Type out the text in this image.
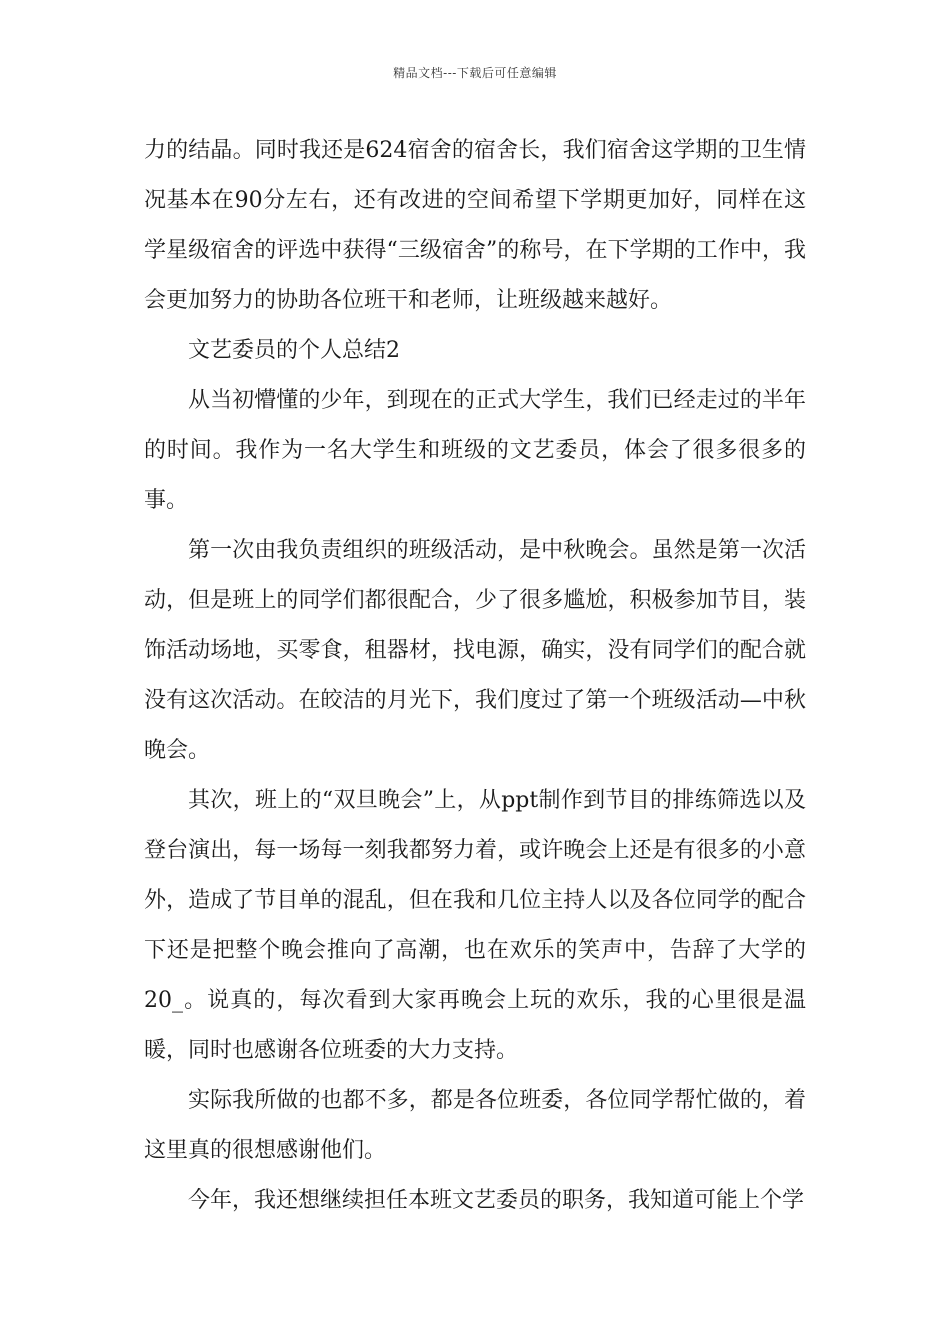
精品文档---下载后可任意编辑

力的结晶。同时我还是624宿舍的宿舍长，我们宿舍这学期的卫生情况基本在90分左右，还有改进的空间希望下学期更加好，同样在这学星级宿舍的评选中获得“三级宿舍”的称号，在下学期的工作中，我会更加努力的协助各位班干和老师，让班级越来越好。

文艺委员的个人总结2

从当初懵懂的少年，到现在的正式大学生，我们已经走过的半年的时间。我作为一名大学生和班级的文艺委员，体会了很多很多的事。

第一次由我负责组织的班级活动，是中秋晚会。虽然是第一次活动，但是班上的同学们都很配合，少了很多尴尬，积极参加节目，装饰活动场地，买零食，租器材，找电源，确实，没有同学们的配合就没有这次活动。在皎洁的月光下，我们度过了第一个班级活动—中秋晚会。

其次，班上的“双旦晚会”上，从ppt制作到节目的排练筛选以及登台演出，每一场每一刻我都努力着，或许晚会上还是有很多的小意外，造成了节目单的混乱，但在我和几位主持人以及各位同学的配合下还是把整个晚会推向了高潮，也在欢乐的笑声中，告辞了大学的20_。说真的，每次看到大家再晚会上玩的欢乐，我的心里很是温暖，同时也感谢各位班委的大力支持。

实际我所做的也都不多，都是各位班委，各位同学帮忙做的，着这里真的很想感谢他们。

今年，我还想继续担任本班文艺委员的职务，我知道可能上个学
